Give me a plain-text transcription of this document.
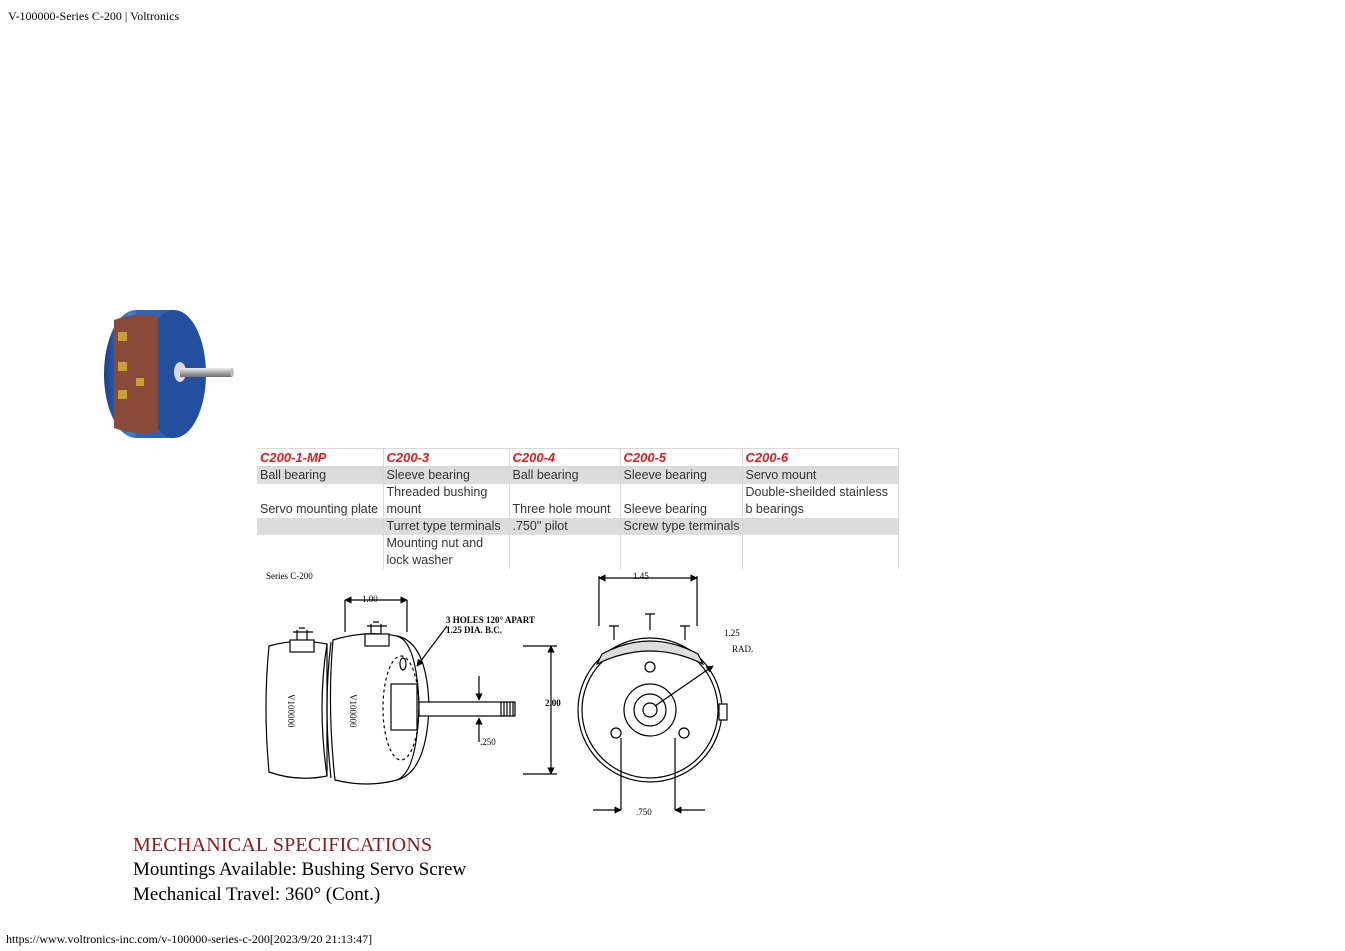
V-100000-Series C-200 | Voltronics
C200-1-MP	C200-3	C200-4	C200-5	C200-6
Ball bearing	Sleeve bearing	Ball bearing	Sleeve bearing	Servo mount
Servo mounting plate	Threaded bushing mount	Three hole mount	Sleeve bearing	Double-sheilded stainless b bearings
	Turret type terminals	.750" pilot	Screw type terminals	
	Mounting nut and lock washer			
Series C-200
1.00
3 HOLES 120° APART
1.25 DIA. B.C.
2.00
.250
1.45
1.25
RAD.
.750
V100000	V100000
MECHANICAL SPECIFICATIONS
Mountings Available: Bushing Servo Screw
Mechanical Travel: 360° (Cont.)
https://www.voltronics-inc.com/v-100000-series-c-200[2023/9/20 21:13:47]
